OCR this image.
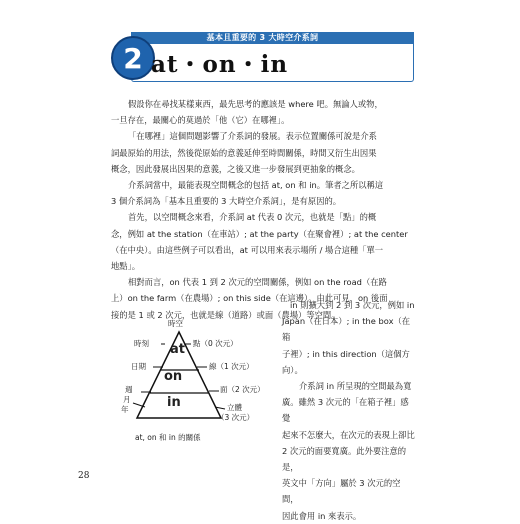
基本且重要的 3 大時空介系詞
2 at・on・in
假設你在尋找某樣東西，最先思考的應該是 where 吧。無論人或物，
一旦存在，最關心的莫過於「他（它）在哪裡」。
「在哪裡」這個問題影響了介系詞的發展。表示位置關係可說是介系
詞最原始的用法，然後從原始的意義延伸至時間關係，時間又衍生出因果
概念，因此發展出因果的意義，之後又進一步發展到更抽象的概念。
介系詞當中，最能表現空間概念的包括 at, on 和 in。筆者之所以稱這
3 個介系詞為「基本且重要的 3 大時空介系詞」，是有原因的。
首先，以空間概念來看，介系詞 at 代表 0 次元，也就是「點」的概
念，例如 at the station（在車站）; at the party（在聚會裡）; at the center
（在中央）。由這些例子可以看出，at 可以用來表示場所 / 場合這種「單一
地點」。
相對而言，on 代表 1 到 2 次元的空間關係，例如 on the road（在路
上）on the farm（在農場）; on this side（在這邊）。由此可見，on 後面
接的是 1 或 2 次元，也就是線（道路）或面（農場）等空間。
in 則擴大到 2 到 3 次元，例如 in
Japan（在日本）; in the box（在箱
子裡）; in this direction（這個方向）。
介系詞 in 所呈現的空間最為寬
廣。雖然 3 次元的「在箱子裡」感覺
起來不怎麼大，在次元的表現上卻比
2 次元的面要寬廣。此外要注意的是，
英文中「方向」屬於 3 次元的空間，
因此會用 in 來表示。
時空
at
on
in
時刻
日期
週
月
年
點（0 次元）
線（1 次元）
面（2 次元）
立體
（3 次元）
at, on 和 in 的關係
28
